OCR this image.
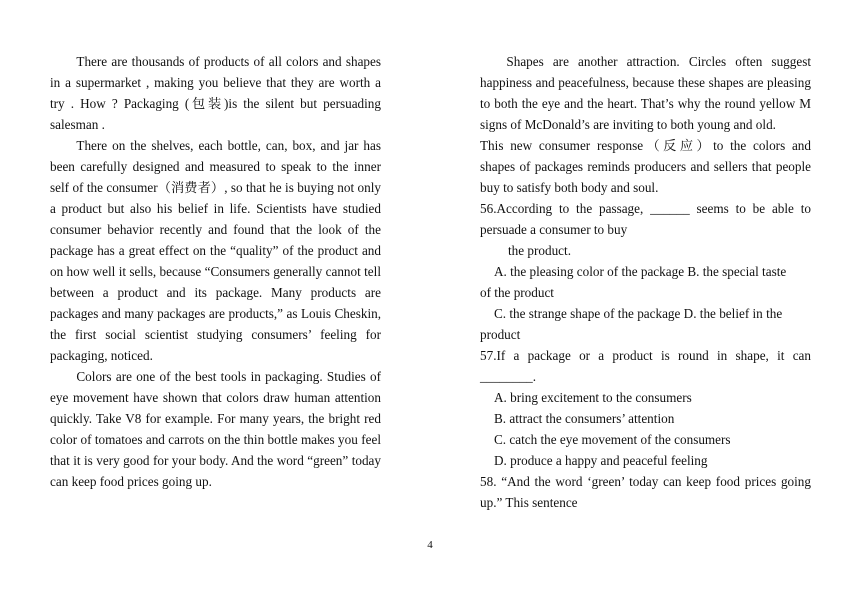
There are thousands of products of all colors and shapes in a supermarket , making you believe that they are worth a try . How ? Packaging (包装)is the silent but persuading salesman .

There on the shelves, each bottle, can, box, and jar has been carefully designed and measured to speak to the inner self of the consumer（消费者）, so that he is buying not only a product but also his belief in life. Scientists have studied consumer behavior recently and found that the look of the package has a great effect on the “quality” of the product and on how well it sells, because “Consumers generally cannot tell between a product and its package. Many products are packages and many packages are products,” as Louis Cheskin, the first social scientist studying consumers’ feeling for packaging, noticed.

Colors are one of the best tools in packaging. Studies of eye movement have shown that colors draw human attention quickly. Take V8 for example. For many years, the bright red color of tomatoes and carrots on the thin bottle makes you feel that it is very good for your body. And the word “green” today can keep food prices going up.

Shapes are another attraction. Circles often suggest happiness and peacefulness, because these shapes are pleasing to both the eye and the heart. That’s why the round yellow M signs of McDonald’s are inviting to both young and old.

This new consumer response（反应）to the colors and shapes of packages reminds producers and sellers that people buy to satisfy both body and soul.

56.According to the passage, ______ seems to be able to persuade a consumer to buy

the product.

A. the pleasing color of the package B. the special taste

of the product

C. the strange shape of the package D. the belief in the

product

57.If a package or a product is round in shape, it can ________.

A. bring excitement to the consumers

B. attract the consumers’ attention

C. catch the eye movement of the consumers

D. produce a happy and peaceful feeling

58. “And the word ‘green’ today can keep food prices going up.” This sentence

4
